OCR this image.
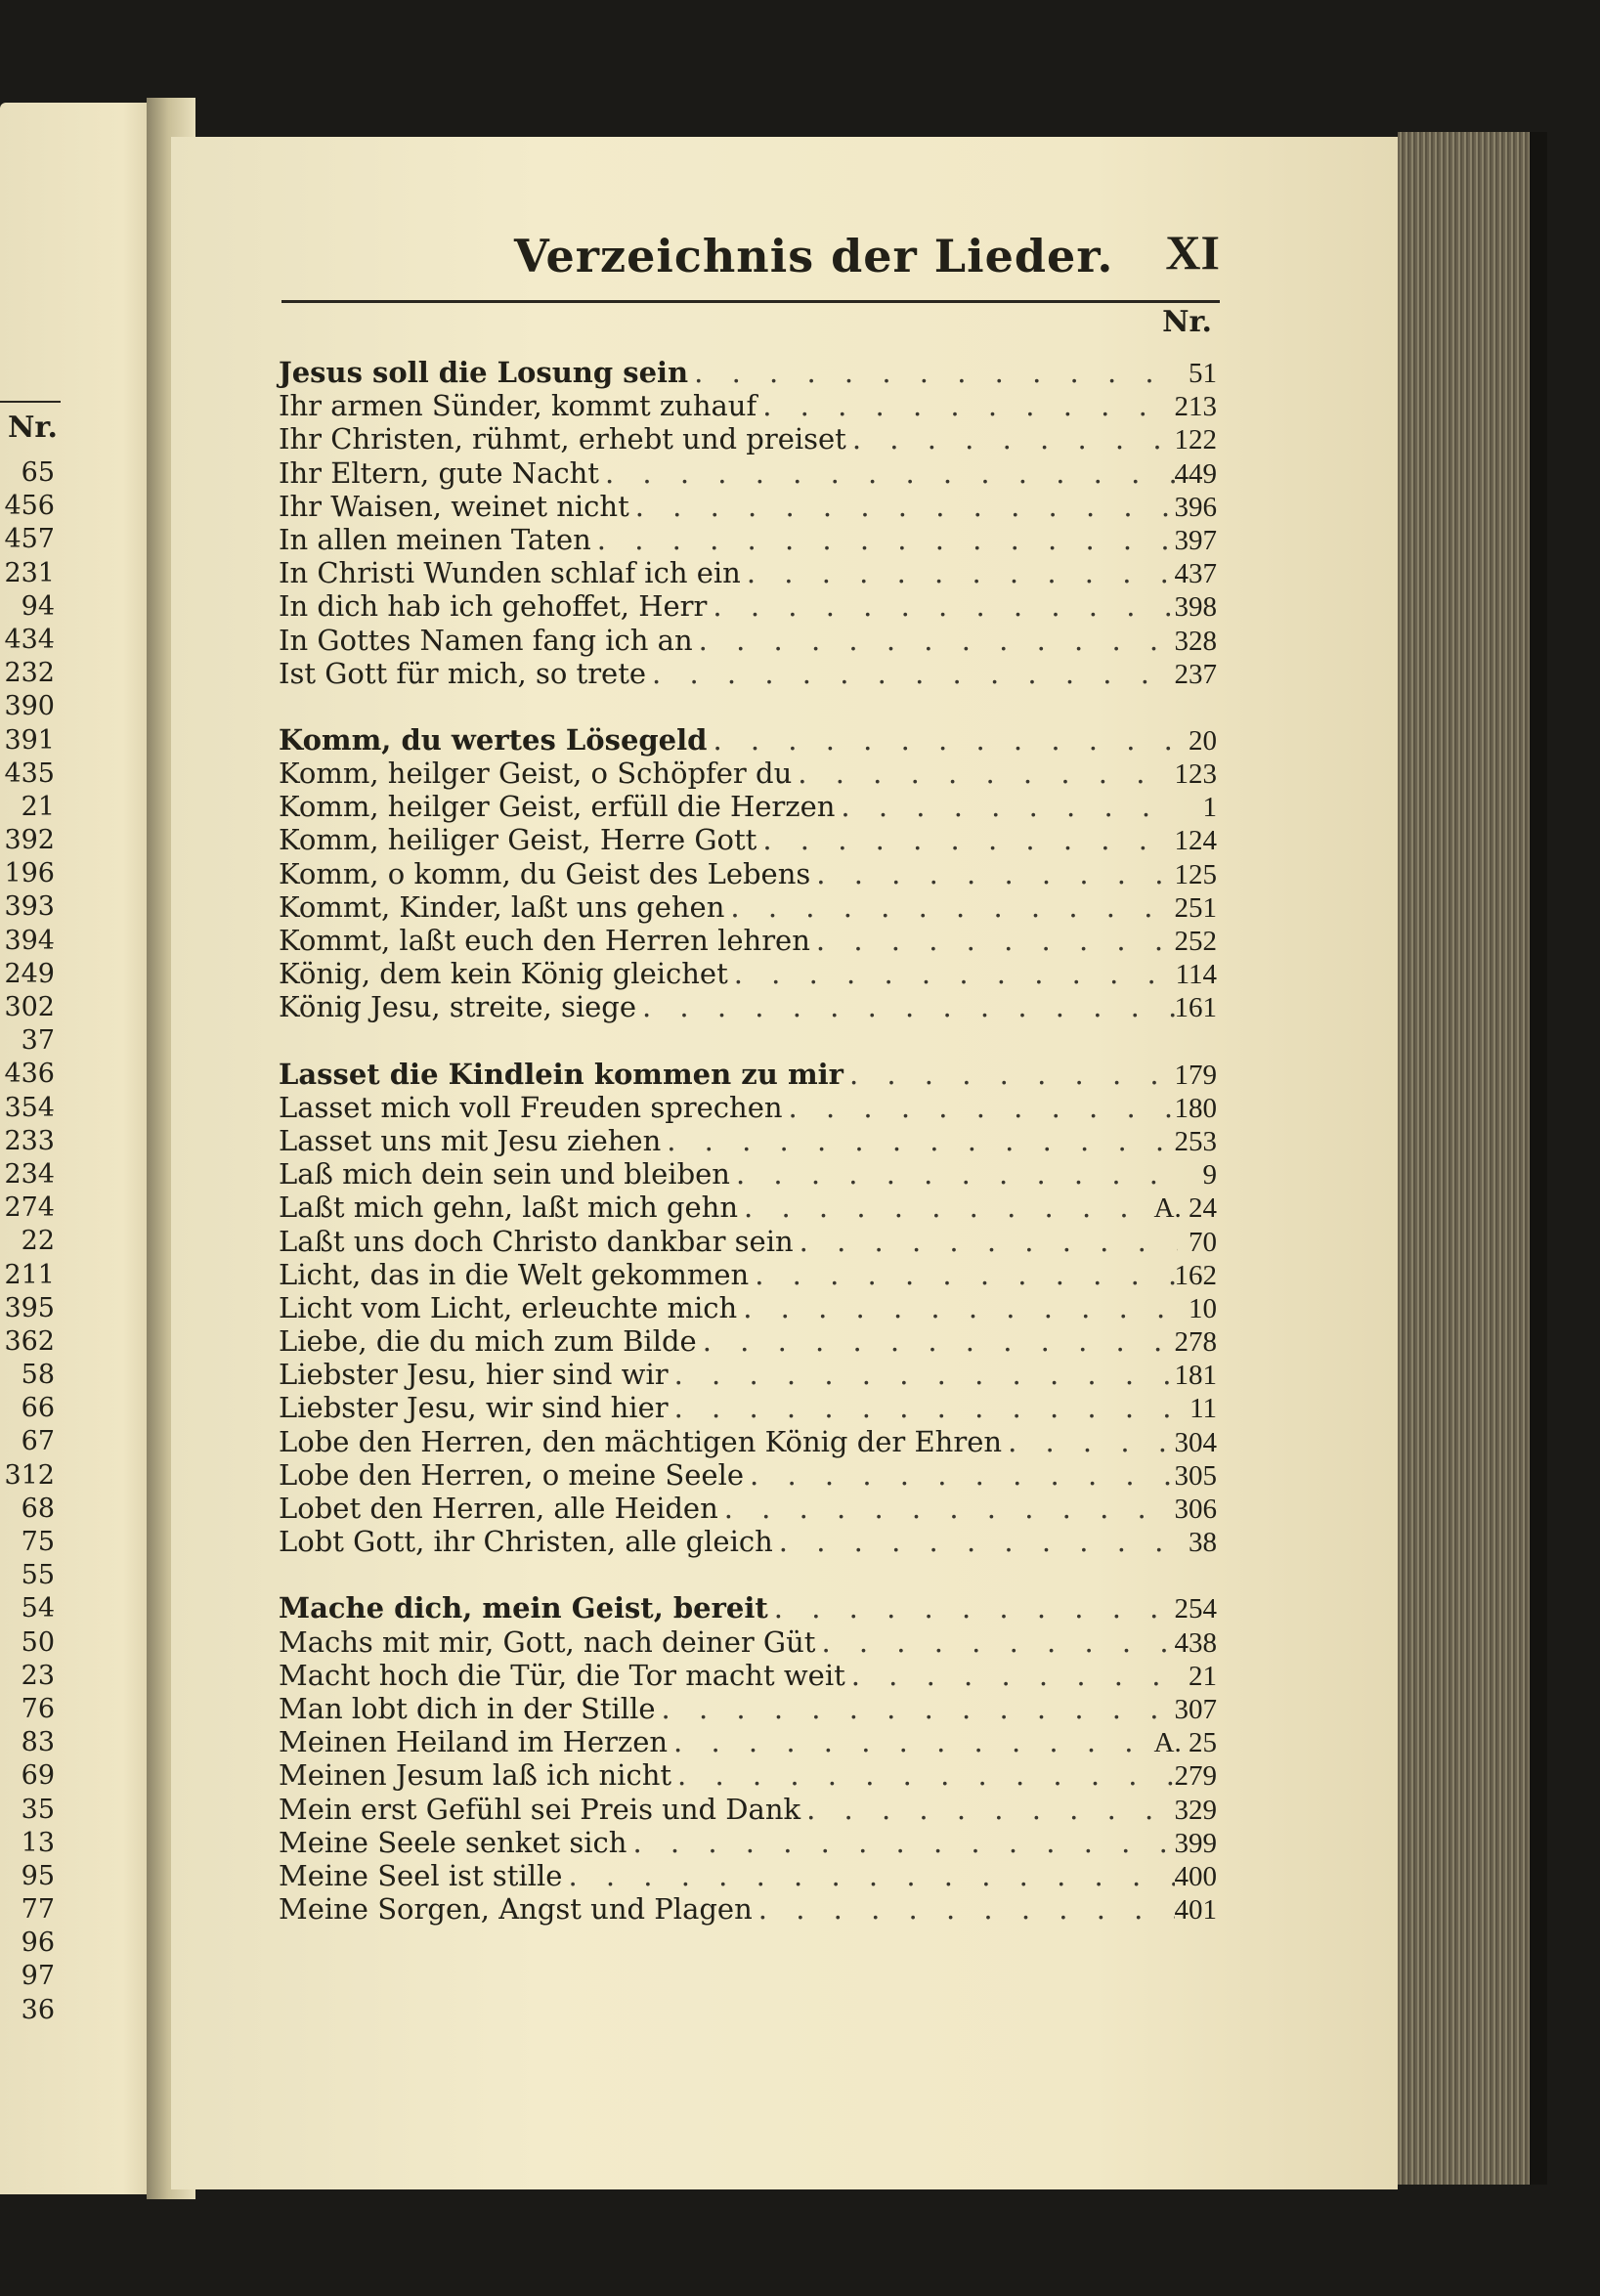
Nr.
65
456
457
231
94
434
232
390
391
435
21
392
196
393
394
249
302
37
436
354
233
234
274
22
211
395
362
58
66
67
312
68
75
55
54
50
23
76
83
69
35
13
95
77
96
97
36
Verzeichnis der Lieder. XI
Nr.
Jesus soll die Losung sein . . .	51
Ihr armen Sünder, kommt zuhauf . . .	213
Ihr Christen, rühmt, erhebt und preiset . . .	122
Ihr Eltern, gute Nacht . . .	449
Ihr Waisen, weinet nicht . . .	396
In allen meinen Taten . . .	397
In Christi Wunden schlaf ich ein . . .	437
In dich hab ich gehoffet, Herr . . .	398
In Gottes Namen fang ich an . . .	328
Ist Gott für mich, so trete . . .	237
Komm, du wertes Lösegeld . . .	20
Komm, heilger Geist, o Schöpfer du . . .	123
Komm, heilger Geist, erfüll die Herzen . . .	1
Komm, heiliger Geist, Herre Gott . . .	124
Komm, o komm, du Geist des Lebens . . .	125
Kommt, Kinder, laßt uns gehen . . .	251
Kommt, laßt euch den Herren lehren . . .	252
König, dem kein König gleichet . . .	114
König Jesu, streite, siege . . .	161
Lasset die Kindlein kommen zu mir . . .	179
Lasset mich voll Freuden sprechen . . .	180
Lasset uns mit Jesu ziehen . . .	253
Laß mich dein sein und bleiben . . .	9
Laßt mich gehn, laßt mich gehn . . .	A. 24
Laßt uns doch Christo dankbar sein . . .	70
Licht, das in die Welt gekommen . . .	162
Licht vom Licht, erleuchte mich . . .	10
Liebe, die du mich zum Bilde . . .	278
Liebster Jesu, hier sind wir . . .	181
Liebster Jesu, wir sind hier . . .	11
Lobe den Herren, den mächtigen König der Ehren . . .	304
Lobe den Herren, o meine Seele . . .	305
Lobet den Herren, alle Heiden . . .	306
Lobt Gott, ihr Christen, alle gleich . . .	38
Mache dich, mein Geist, bereit . . .	254
Machs mit mir, Gott, nach deiner Güt . . .	438
Macht hoch die Tür, die Tor macht weit . . .	21
Man lobt dich in der Stille . . .	307
Meinen Heiland im Herzen . . .	A. 25
Meinen Jesum laß ich nicht . . .	279
Mein erst Gefühl sei Preis und Dank . . .	329
Meine Seele senket sich . . .	399
Meine Seel ist stille . . .	400
Meine Sorgen, Angst und Plagen . . .	401
